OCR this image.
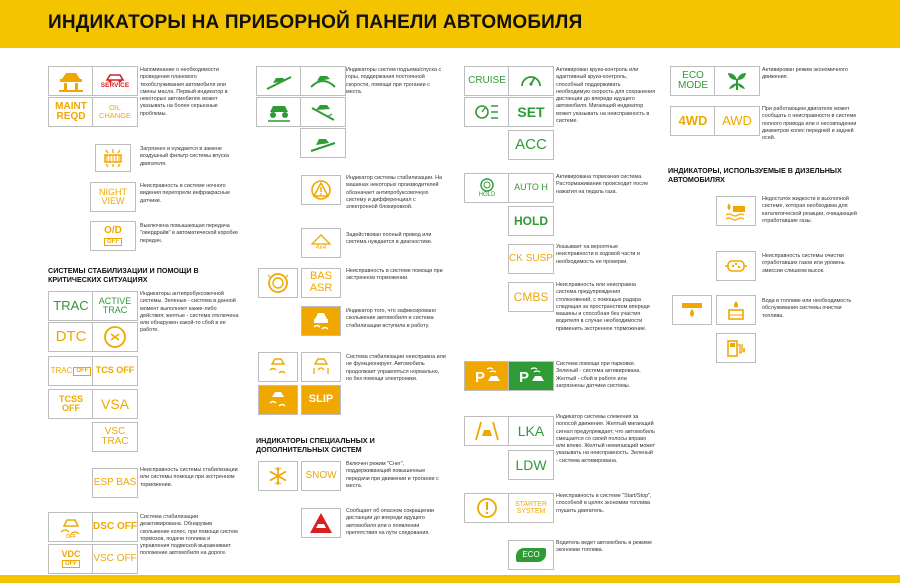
ИНДИКАТОРЫ НА ПРИБОРНОЙ ПАНЕЛИ АВТОМОБИЛЯ
SERVICE
MAINT REQD
OIL CHANGE
Напоминание о необходимости проведения планового техобслуживания автомобиля или смены масла. Первый индикатор в некоторых автомобилях может указывать на более серьезные проблемы.
Загрязнен и нуждается в замене воздушный фильтр системы впуска двигателя.
NIGHT VIEW
Неисправность в системе ночного видения перегорели инфракрасные датчики.
O/D
OFF
Выключена повышающая передача "овердрайв" в автоматической коробке передач.
СИСТЕМЫ СТАБИЛИЗАЦИИ И ПОМОЩИ В КРИТИЧЕСКИХ СИТУАЦИЯХ
TRAC	ACTIVE TRAC
DTC
TRAC OFF TCS OFF
TCSS OFF	VSA
VSC TRAC
Индикаторы антипробуксовочной системы. Зеленые - система в данной момент выполняет какие-либо действия; желтые - система отключена или обнаружен какой-то сбой в ее работе.
ESP BAS
Неисправность системы стабилизации или системы помощи при экстренном торможении.
OFF
DSC OFF
VDC
OFF
VSC OFF
Система стабилизации деактивирована. Обнаружив скольжение колес, при помощи систем тормозов, подачи топлива и управления подвеской выравнивает положение автомобиля на дороге.
Индикаторы систем подъема/спуска с горы, поддержания постоянной скорости, помощи при трогании с места.
Индикатор системы стабилизации. На машинах некоторых производителей обозначает антипробуксовочную систему и дифференциал с электронной блокировкой.
4x4
Задействован полный привод или система нуждается в диагностике.
BAS ASR
Неисправность в системе помощи при экстренном торможении.
Индикатор того, что зафиксировано скольжение автомобиля и система стабилизации вступила в работу.
SLIP
Система стабилизации неисправна или не функционирует. Автомобиль продолжает управляться нормально, но без помощи электроники.
ИНДИКАТОРЫ СПЕЦИАЛЬНЫХ И ДОПОЛНИТЕЛЬНЫХ СИСТЕМ
SNOW
Включен режим "Снег", поддерживающий повышенные передачи при движении и трогании с места.
Сообщает об опасном сокращении дистанции до впереди идущего автомобиля или о появлении препятствия на пути следования.
CRUISE
SET
ACC
Активирован круиз-контроль или адаптивный круиз-контроль, способный поддерживать необходимую скорость для сохранения дистанции до впереди идущего автомобиля. Мигающий индикатор может указывать на неисправность в системе.
HOLD
AUTO H
HOLD
Активирована тормозная система. Растормаживание происходит после нажатия на педаль газа.
CK SUSP
Указывает на вероятные неисправности в ходовой части и необходимость ее проверки.
CMBS
Неисправность или неисправна система предупреждения столкновений, с помощью радара следящая за пространством впереди машины и способная без участия водителя в случае необходимости применить экстренное торможение.
P P
Система помощи при парковке. Зеленый - система активирована. Желтый - сбой в работе или загрязнены датчики системы.
LKA
LDW
Индикатор системы слежения за полосой движения. Желтый мигающий сигнал предупреждает, что автомобиль смещается со своей полосы вправо или влево. Желтый немигающий может указывать на неисправность. Зеленый - система активирована.
STARTER SYSTEM
Неисправность в системе "Start/Stop", способной в целях экономии топлива глушить двигатель.
ECO
Водитель ведет автомобиль в режиме экономии топлива.
ECO MODE
Активирован режим экономичного движения.
4WD AWD
При работающем двигателе может сообщать о неисправности в системе полного привода или о несовпадении диаметров колес передней и задней осей.
ИНДИКАТОРЫ, ИСПОЛЬЗУЕМЫЕ В ДИЗЕЛЬНЫХ АВТОМОБИЛЯХ
Недостаток жидкости в выхлопной системе, которая необходима для каталитической реакции, очищающей отработавшие газы.
Неисправность системы очистки отработавших газов или уровень эмиссии слишком высок.
Вода в топливе или необходимость обслуживания системы очистки топлива.
